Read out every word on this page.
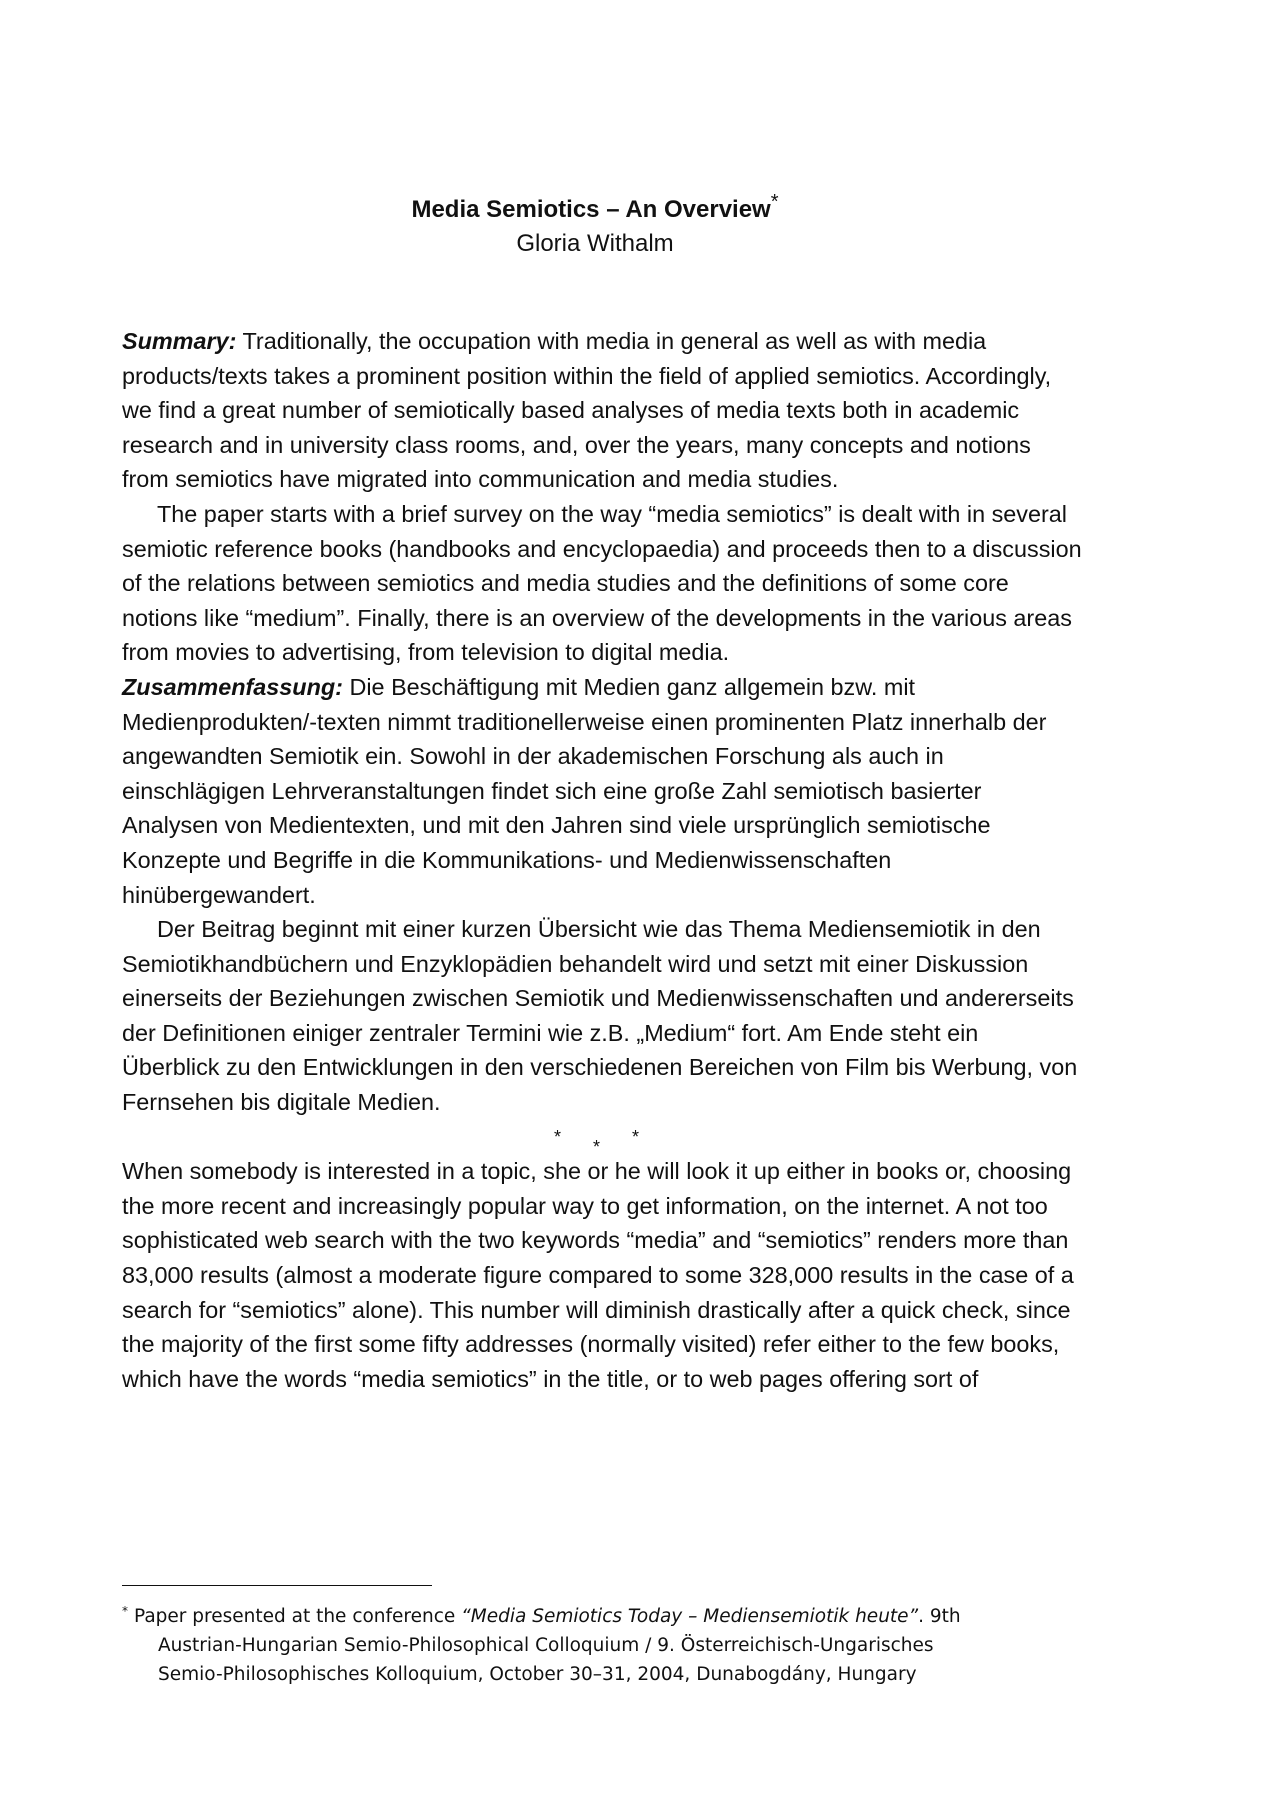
Media Semiotics – An Overview*
Gloria Withalm

Summary: Traditionally, the occupation with media in general as well as with media products/texts takes a prominent position within the field of applied semiotics. Accordingly, we find a great number of semiotically based analyses of media texts both in academic research and in university class rooms, and, over the years, many concepts and notions from semiotics have migrated into communication and media studies.

The paper starts with a brief survey on the way “media semiotics” is dealt with in several semiotic reference books (handbooks and encyclopaedia) and proceeds then to a discussion of the relations between semiotics and media studies and the definitions of some core notions like “medium”. Finally, there is an overview of the developments in the various areas from movies to advertising, from television to digital media.

Zusammenfassung: Die Beschäftigung mit Medien ganz allgemein bzw. mit Medienprodukten/-texten nimmt traditionellerweise einen prominenten Platz innerhalb der angewandten Semiotik ein. Sowohl in der akademischen Forschung als auch in einschlägigen Lehrveranstaltungen findet sich eine große Zahl semiotisch basierter Analysen von Medientexten, und mit den Jahren sind viele ursprünglich semiotische Konzepte und Begriffe in die Kommunikations- und Medienwissenschaften hinübergewandert.

Der Beitrag beginnt mit einer kurzen Übersicht wie das Thema Mediensemiotik in den Semiotikhandbüchern und Enzyklopädien behandelt wird und setzt mit einer Diskussion einerseits der Beziehungen zwischen Semiotik und Medienwissenschaften und andererseits der Definitionen einiger zentraler Termini wie z.B. „Medium“ fort. Am Ende steht ein Überblick zu den Entwicklungen in den verschiedenen Bereichen von Film bis Werbung, von Fernsehen bis digitale Medien.

* * *

When somebody is interested in a topic, she or he will look it up either in books or, choosing the more recent and increasingly popular way to get information, on the internet. A not too sophisticated web search with the two keywords “media” and “semiotics” renders more than 83,000 results (almost a moderate figure compared to some 328,000 results in the case of a search for “semiotics” alone). This number will diminish drastically after a quick check, since the majority of the first some fifty addresses (normally visited) refer either to the few books, which have the words “media semiotics” in the title, or to web pages offering sort of

* Paper presented at the conference “Media Semiotics Today – Mediensemiotik heute”. 9th
Austrian-Hungarian Semio-Philosophical Colloquium / 9. Österreichisch-Ungarisches
Semio-Philosophisches Kolloquium, October 30–31, 2004, Dunabogdány, Hungary
